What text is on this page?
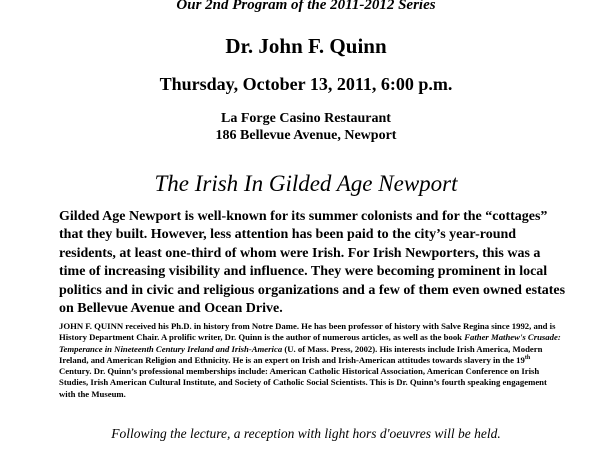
Our 2nd Program of the 2011-2012 Series
Dr. John F. Quinn
Thursday, October 13, 2011, 6:00 p.m.
La Forge Casino Restaurant
186 Bellevue Avenue, Newport
The Irish In Gilded Age Newport

Gilded Age Newport is well-known for its summer colonists and for the “cottages” that they built. However, less attention has been paid to the city’s year-round residents, at least one-third of whom were Irish. For Irish Newporters, this was a time of increasing visibility and influence. They were becoming prominent in local politics and in civic and religious organizations and a few of them even owned estates on Bellevue Avenue and Ocean Drive.

JOHN F. QUINN received his Ph.D. in history from Notre Dame. He has been professor of history with Salve Regina since 1992, and is History Department Chair. A prolific writer, Dr. Quinn is the author of numerous articles, as well as the book Father Mathew's Crusade: Temperance in Nineteenth Century Ireland and Irish-America (U. of Mass. Press, 2002). His interests include Irish America, Modern Ireland, and American Religion and Ethnicity. He is an expert on Irish and Irish-American attitudes towards slavery in the 19th Century. Dr. Quinn’s professional memberships include: American Catholic Historical Association, American Conference on Irish Studies, Irish American Cultural Institute, and Society of Catholic Social Scientists. This is Dr. Quinn’s fourth speaking engagement with the Museum.

Following the lecture, a reception with light hors d'oeuvres will be held.
